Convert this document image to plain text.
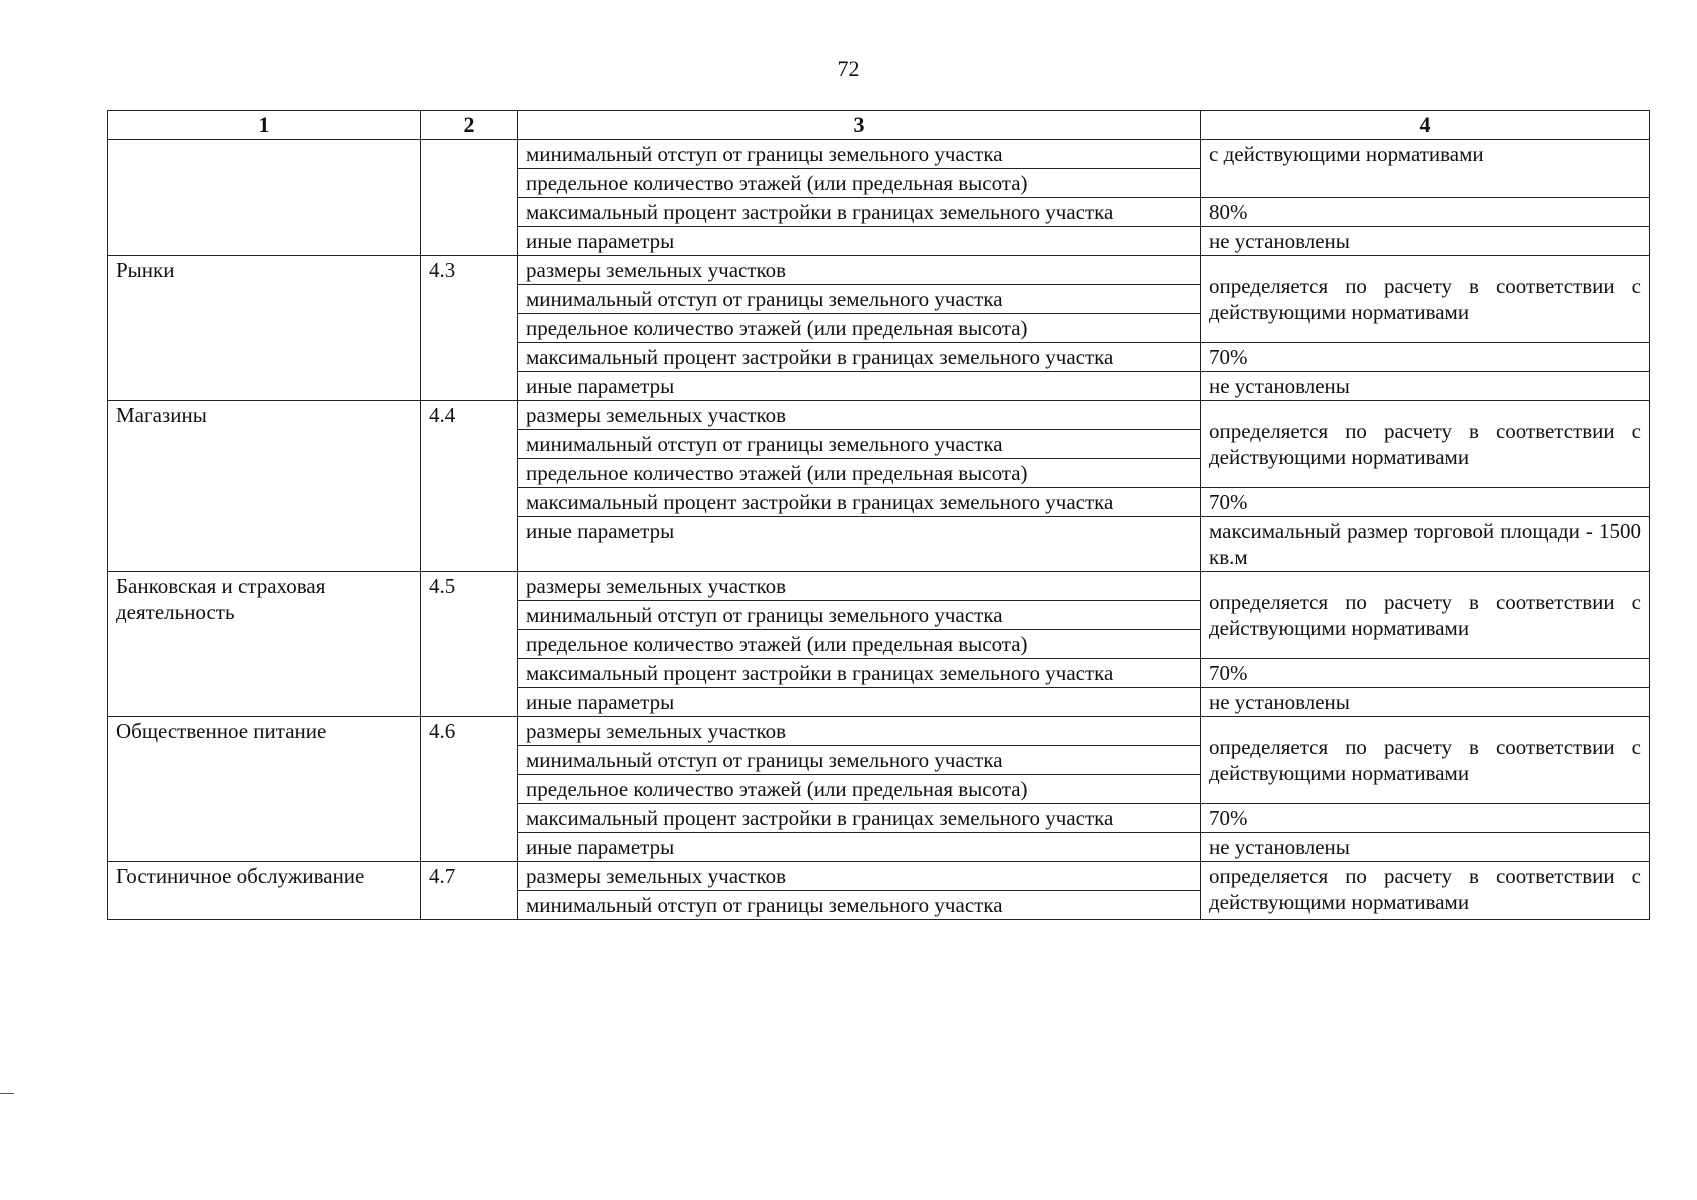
72
1	2	3	4
		минимальный отступ от границы земельного участка	с действующими нормативами
		предельное количество этажей (или предельная высота)	
		максимальный процент застройки в границах земельного участка	80%
		иные параметры	не установлены
Рынки	4.3	размеры земельных участков	определяется по расчету в соответствии с действующими нормативами
		минимальный отступ от границы земельного участка	
		предельное количество этажей (или предельная высота)	
		максимальный процент застройки в границах земельного участка	70%
		иные параметры	не установлены
Магазины	4.4	размеры земельных участков	определяется по расчету в соответствии с действующими нормативами
		минимальный отступ от границы земельного участка	
		предельное количество этажей (или предельная высота)	
		максимальный процент застройки в границах земельного участка	70%
		иные параметры	максимальный размер торговой площади - 1500 кв.м
Банковская и страховая деятельность	4.5	размеры земельных участков	определяется по расчету в соответствии с действующими нормативами
		минимальный отступ от границы земельного участка	
		предельное количество этажей (или предельная высота)	
		максимальный процент застройки в границах земельного участка	70%
		иные параметры	не установлены
Общественное питание	4.6	размеры земельных участков	определяется по расчету в соответствии с действующими нормативами
		минимальный отступ от границы земельного участка	
		предельное количество этажей (или предельная высота)	
		максимальный процент застройки в границах земельного участка	70%
		иные параметры	не установлены
Гостиничное обслуживание	4.7	размеры земельных участков	определяется по расчету в соответствии с действующими нормативами
		минимальный отступ от границы земельного участка	
